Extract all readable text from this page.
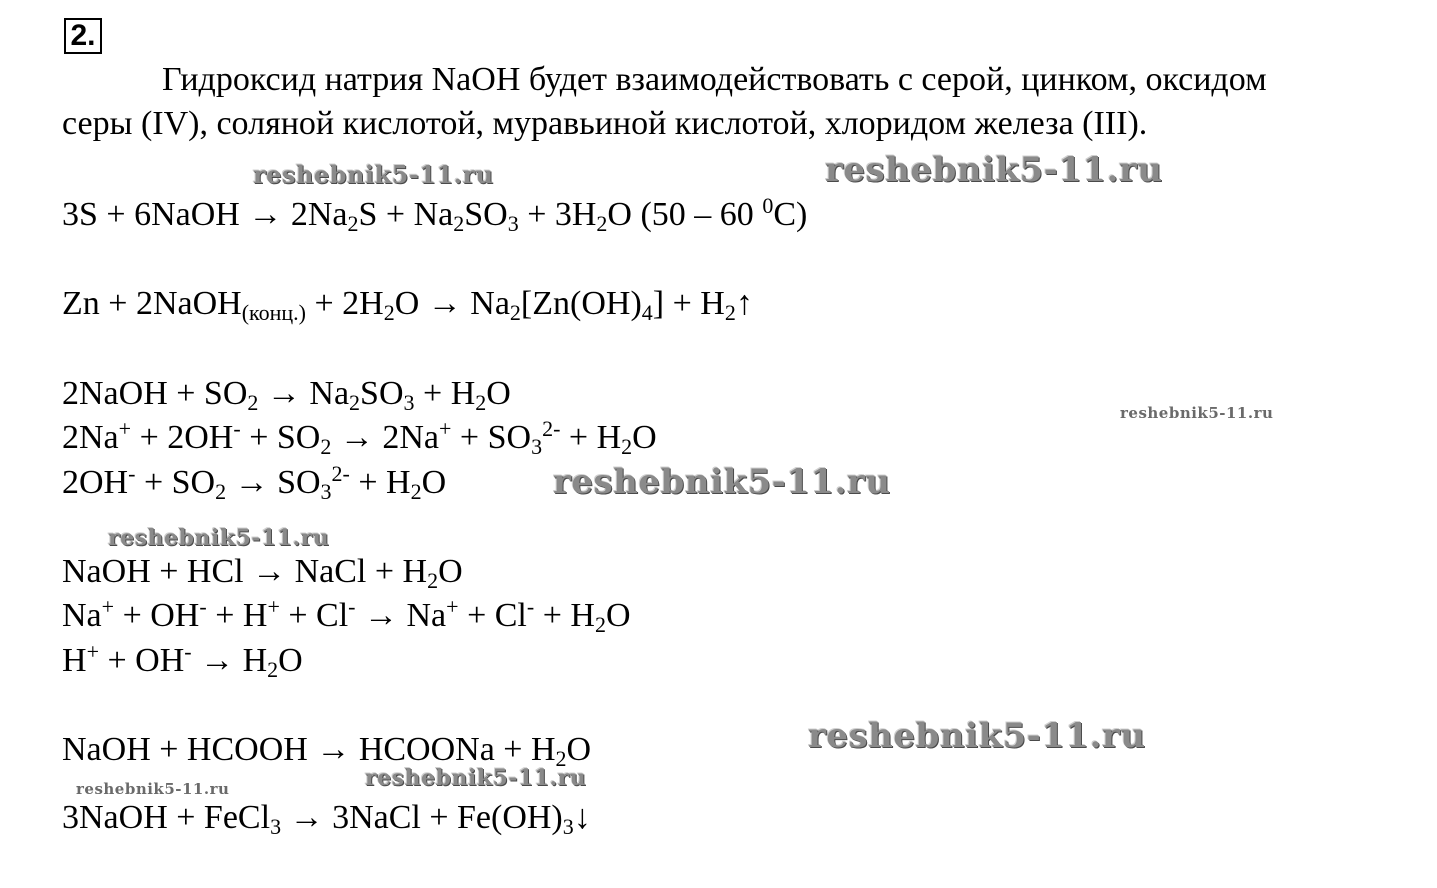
2.
Гидроксид натрия NaOH будет взаимодействовать с серой, цинком, оксидом серы (IV), соляной кислотой, муравьиной кислотой, хлоридом железа (III).
3S + 6NaOH → $2Na_2S + Na_2SO_3 + 3H_2O$ (50 – 60 $^0$C)
Zn + 2NaOH$_{(конц.)}$ + $2H_2O \to Na_2[Zn(OH)_4]$ + $H_2↑$
2NaOH + $SO_2 \to Na_2SO_3 + H_2O$
$2Na^+ + 2OH^- + SO_2 \to 2Na^+ + SO_3^{2-} + H_2O$
$2OH^- + SO_2 \to SO_3^{2-} + H_2O$
NaOH + HCl → NaCl + $H_2O$
$Na^+ + OH^- + H^+ + Cl^- \to Na^+ + Cl^- + H_2O$
$H^+ + OH^- \to H_2O$
NaOH + HCOOH → HCOONa + $H_2O$
3NaOH + FeCl$_3$ → 3NaCl + $Fe(OH)_3↓$
reshebnik5-11.ru	reshebnik5-11.ru
reshebnik5-11.ru
reshebnik5-11.ru
reshebnik5-11.ru
reshebnik5-11.ru
reshebnik5-11.ru
reshebnik5-11.ru
